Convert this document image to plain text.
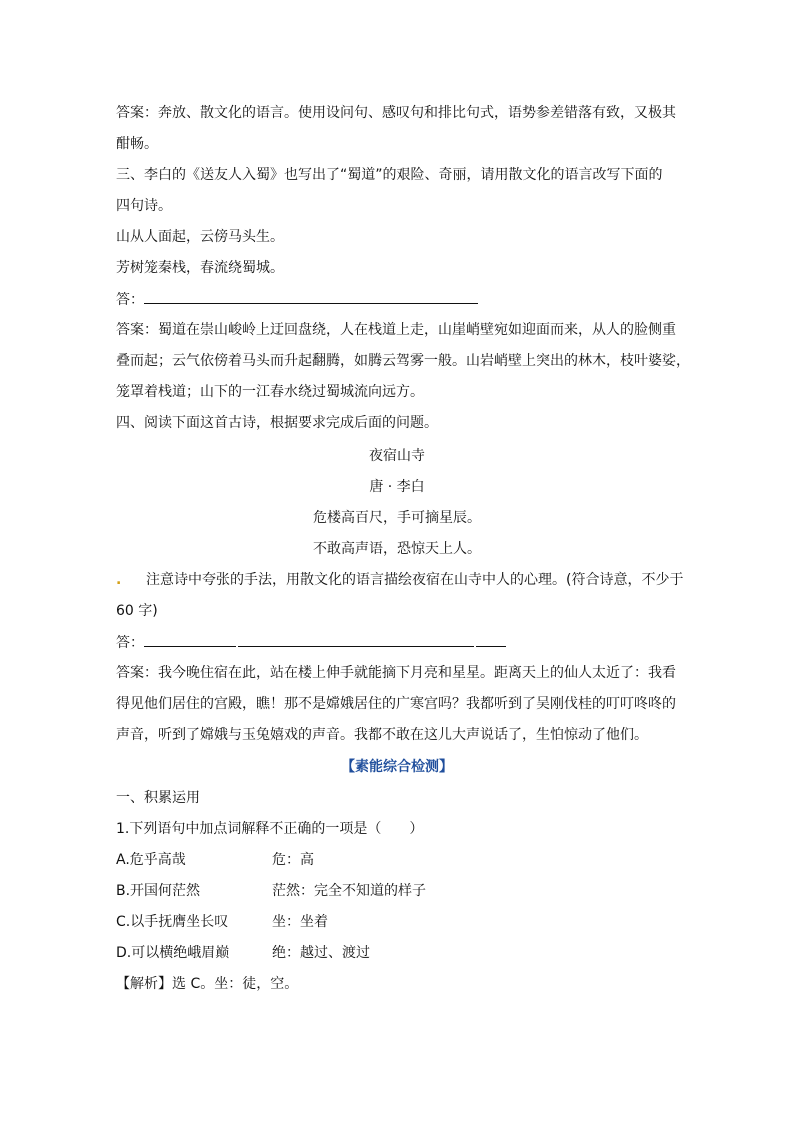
答案：奔放、散文化的语言。使用设问句、感叹句和排比句式，语势参差错落有致，又极其
酣畅。
三、李白的《送友人入蜀》也写出了“蜀道”的艰险、奇丽，请用散文化的语言改写下面的
四句诗。
山从人面起，云傍马头生。
芳树笼秦栈，春流绕蜀城。
答：
答案：蜀道在崇山峻岭上迂回盘绕，人在栈道上走，山崖峭壁宛如迎面而来，从人的脸侧重
叠而起；云气依傍着马头而升起翻腾，如腾云驾雾一般。山岩峭壁上突出的林木，枝叶婆娑，
笼罩着栈道；山下的一江春水绕过蜀城流向远方。
四、阅读下面这首古诗，根据要求完成后面的问题。
夜宿山寺
唐 · 李白
危楼高百尺，手可摘星辰。
不敢高声语，恐惊天上人。
. 注意诗中夸张的手法，用散文化的语言描绘夜宿在山寺中人的心理。(符合诗意，不少于
60 字)
答：
答案：我今晚住宿在此，站在楼上伸手就能摘下月亮和星星。距离天上的仙人太近了：我看
得见他们居住的宫殿，瞧！那不是嫦娥居住的广寒宫吗？我都听到了吴刚伐桂的叮叮咚咚的
声音，听到了嫦娥与玉兔嬉戏的声音。我都不敢在这儿大声说话了，生怕惊动了他们。
【素能综合检测】
一、积累运用
1.下列语句中加点词解释不正确的一项是（　　）
A.危乎高哉	危：高
B.开国何茫然	茫然：完全不知道的样子
C.以手抚膺坐长叹	坐：坐着
D.可以横绝峨眉巅	绝：越过、渡过
【解析】选 C。坐：徒，空。
